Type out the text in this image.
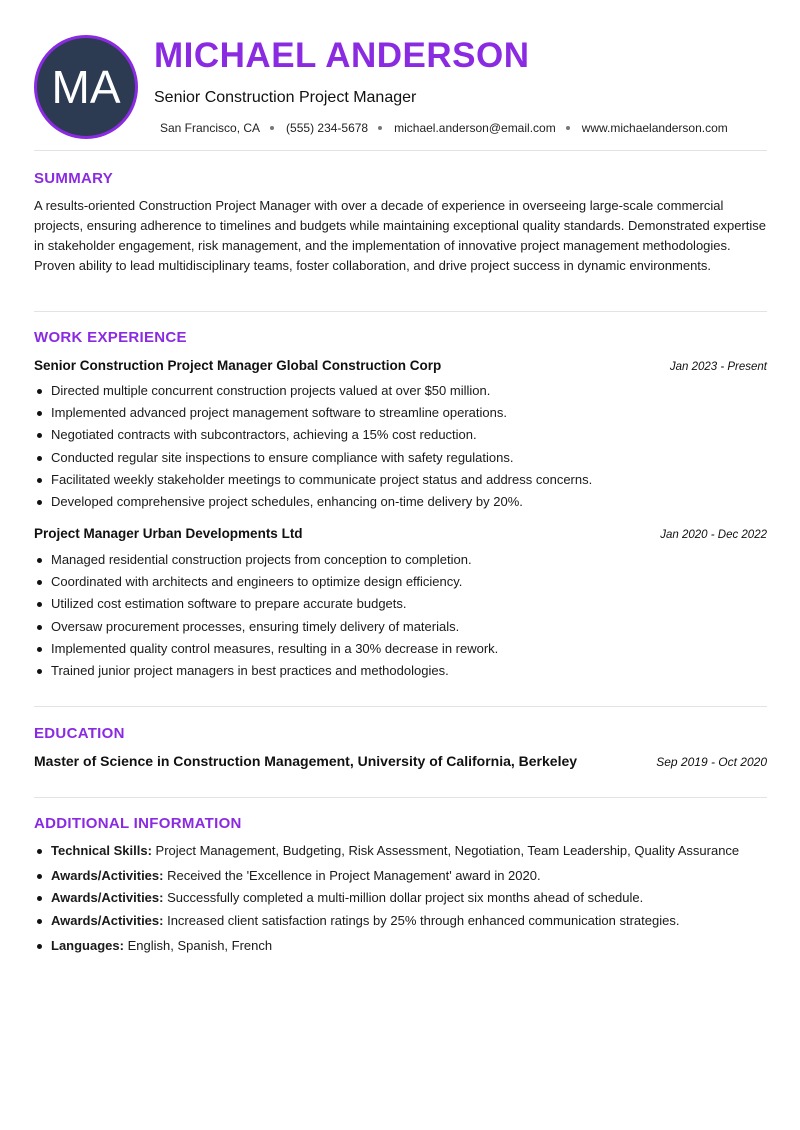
MA
MICHAEL ANDERSON
Senior Construction Project Manager
San Francisco, CA (555) 234-5678 michael.anderson@email.com www.michaelanderson.com
SUMMARY

A results-oriented Construction Project Manager with over a decade of experience in overseeing large-scale commercial projects, ensuring adherence to timelines and budgets while maintaining exceptional quality standards. Demonstrated expertise in stakeholder engagement, risk management, and the implementation of innovative project management methodologies. Proven ability to lead multidisciplinary teams, foster collaboration, and drive project success in dynamic environments.

WORK EXPERIENCE
Senior Construction Project Manager Global Construction Corp	Jan 2023 - Present
Directed multiple concurrent construction projects valued at over $50 million.
Implemented advanced project management software to streamline operations.
Negotiated contracts with subcontractors, achieving a 15% cost reduction.
Conducted regular site inspections to ensure compliance with safety regulations.
Facilitated weekly stakeholder meetings to communicate project status and address concerns.
Developed comprehensive project schedules, enhancing on-time delivery by 20%.
Project Manager Urban Developments Ltd	Jan 2020 - Dec 2022
Managed residential construction projects from conception to completion.
Coordinated with architects and engineers to optimize design efficiency.
Utilized cost estimation software to prepare accurate budgets.
Oversaw procurement processes, ensuring timely delivery of materials.
Implemented quality control measures, resulting in a 30% decrease in rework.
Trained junior project managers in best practices and methodologies.
EDUCATION
Master of Science in Construction Management, University of California, Berkeley	Sep 2019 - Oct 2020
ADDITIONAL INFORMATION
Technical Skills: Project Management, Budgeting, Risk Assessment, Negotiation, Team Leadership, Quality Assurance
Awards/Activities: Received the 'Excellence in Project Management' award in 2020.
Awards/Activities: Successfully completed a multi-million dollar project six months ahead of schedule.
Awards/Activities: Increased client satisfaction ratings by 25% through enhanced communication strategies.
Languages: English, Spanish, French
